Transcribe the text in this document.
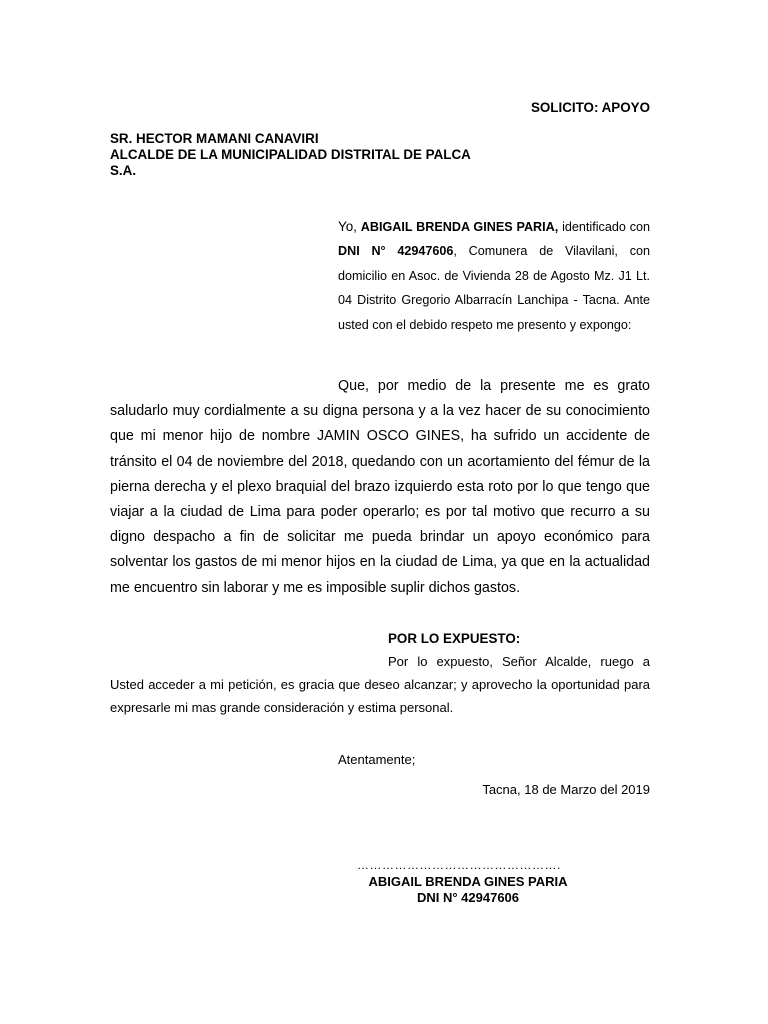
SOLICITO: APOYO
SR. HECTOR MAMANI CANAVIRI
ALCALDE DE LA MUNICIPALIDAD DISTRITAL DE PALCA
S.A.
Yo, ABIGAIL BRENDA GINES PARIA, identificado con DNI N° 42947606, Comunera de Vilavilani, con domicilio en Asoc. de Vivienda 28 de Agosto Mz. J1 Lt. 04 Distrito Gregorio Albarracín Lanchipa - Tacna. Ante usted con el debido respeto me presento y expongo:
Que, por medio de la presente me es grato saludarlo muy cordialmente a su digna persona y a la vez hacer de su conocimiento que mi menor hijo de nombre JAMIN OSCO GINES, ha sufrido un accidente de tránsito el 04 de noviembre del 2018, quedando con un acortamiento del fémur de la pierna derecha y el plexo braquial del brazo izquierdo esta roto por lo que tengo que viajar a la ciudad de Lima para poder operarlo; es por tal motivo que recurro a su digno despacho a fin de solicitar me pueda brindar un apoyo económico para solventar los gastos de mi menor hijos en la ciudad de Lima, ya que en la actualidad me encuentro sin laborar y me es imposible suplir dichos gastos.
POR LO EXPUESTO:
Por lo expuesto, Señor Alcalde, ruego a Usted acceder a mi petición, es gracia que deseo alcanzar; y aprovecho la oportunidad para expresarle mi mas grande consideración y estima personal.
Atentamente;
Tacna, 18 de Marzo del 2019
………………………………………….
ABIGAIL BRENDA GINES PARIA
DNI N° 42947606
